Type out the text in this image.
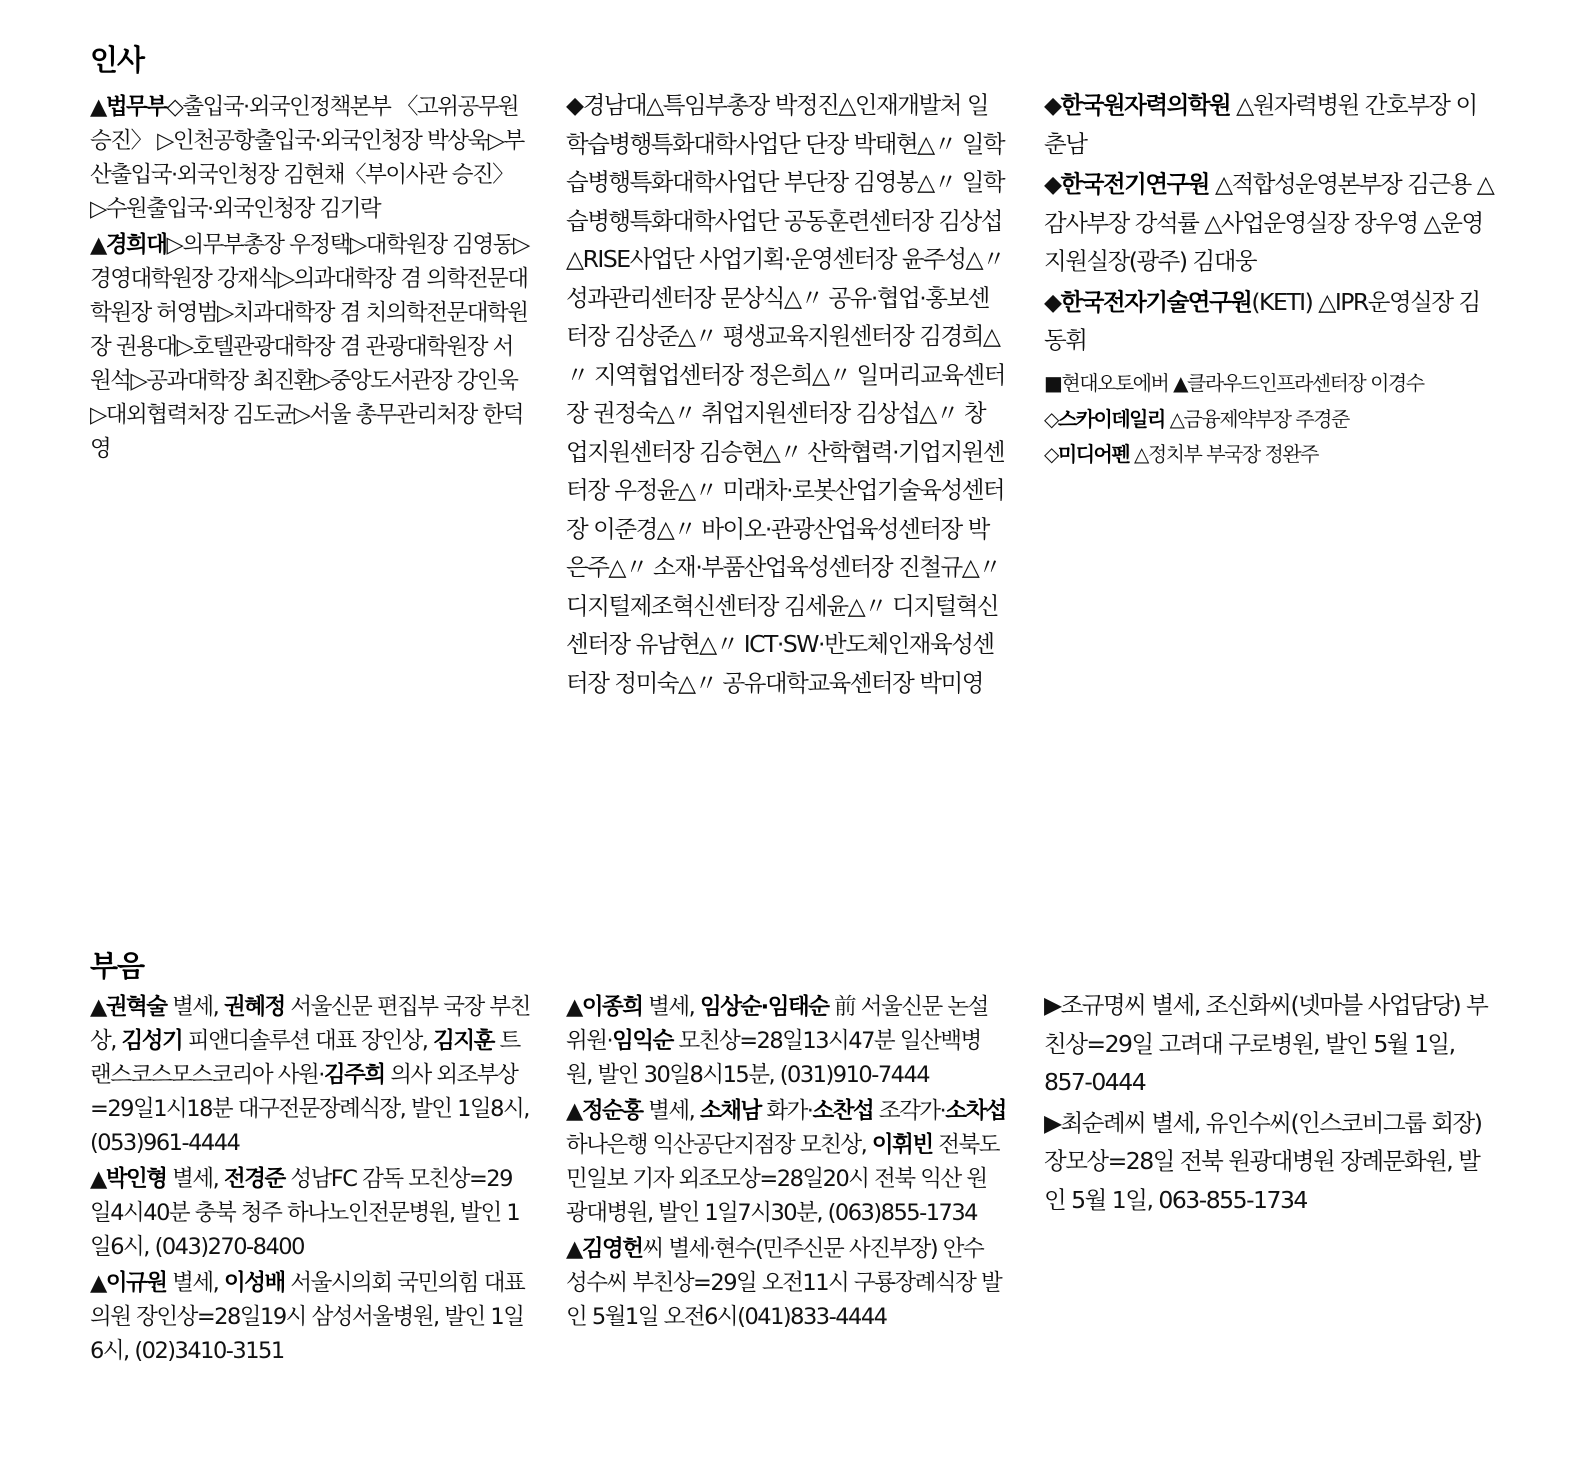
인사

▲법무부◇출입국·외국인정책본부 〈고위공무원 승진〉 ▷인천공항출입국·외국인청장 박상욱▷부산출입국·외국인청장 김현채〈부이사관 승진〉 ▷수원출입국·외국인청장 김기락

▲경희대▷의무부총장 우정택▷대학원장 김영동▷경영대학원장 강재식▷의과대학장 겸 의학전문대학원장 허영범▷치과대학장 겸 치의학전문대학원장 권용대▷호텔관광대학장 겸 관광대학원장 서원석▷공과대학장 최진환▷중앙도서관장 강인욱▷대외협력처장 김도균▷서울 총무관리처장 한덕영

◆경남대△특임부총장 박정진△인재개발처 일학습병행특화대학사업단 단장 박태현△〃 일학습병행특화대학사업단 부단장 김영봉△〃 일학습병행특화대학사업단 공동훈련센터장 김상섭△RISE사업단 사업기획·운영센터장 윤주성△〃 성과관리센터장 문상식△〃 공유·협업·홍보센터장 김상준△〃 평생교육지원센터장 김경희△〃 지역협업센터장 정은희△〃 일머리교육센터장 권정숙△〃 취업지원센터장 김상섭△〃 창업지원센터장 김승현△〃 산학협력·기업지원센터장 우정윤△〃 미래차·로봇산업기술육성센터장 이준경△〃 바이오·관광산업육성센터장 박은주△〃 소재·부품산업육성센터장 진철규△〃 디지털제조혁신센터장 김세윤△〃 디지털혁신센터장 유남현△〃 ICT·SW·반도체인재육성센터장 정미숙△〃 공유대학교육센터장 박미영

◆한국원자력의학원 △원자력병원 간호부장 이춘남

◆한국전기연구원 △적합성운영본부장 김근용 △감사부장 강석률 △사업운영실장 장우영 △운영지원실장(광주) 김대웅

◆한국전자기술연구원(KETI) △IPR운영실장 김동휘

■현대오토에버 ▲클라우드인프라센터장 이경수

◇스카이데일리 △금융제약부장 주경준

◇미디어펜 △정치부 부국장 정완주

부음

▲권혁술 별세, 권혜정 서울신문 편집부 국장 부친상, 김성기 피앤디솔루션 대표 장인상, 김지훈 트랜스코스모스코리아 사원·김주희 의사 외조부상=29일1시18분 대구전문장례식장, 발인 1일8시, (053)961-4444

▲박인형 별세, 전경준 성남FC 감독 모친상=29일4시40분 충북 청주 하나노인전문병원, 발인 1일6시, (043)270-8400

▲이규원 별세, 이성배 서울시의회 국민의힘 대표의원 장인상=28일19시 삼성서울병원, 발인 1일6시, (02)3410-3151

▲이종희 별세, 임상순·임태순 前 서울신문 논설위원·임익순 모친상=28일13시47분 일산백병원, 발인 30일8시15분, (031)910-7444

▲정순홍 별세, 소채남 화가·소찬섭 조각가·소차섭 하나은행 익산공단지점장 모친상, 이휘빈 전북도민일보 기자 외조모상=28일20시 전북 익산 원광대병원, 발인 1일7시30분, (063)855-1734

▲김영헌씨 별세·현수(민주신문 사진부장) 안수 성수씨 부친상=29일 오전11시 구룡장례식장 발인 5월1일 오전6시(041)833-4444

▶조규명씨 별세, 조신화씨(넷마블 사업담당) 부친상=29일 고려대 구로병원, 발인 5월 1일, 857-0444

▶최순례씨 별세, 유인수씨(인스코비그룹 회장) 장모상=28일 전북 원광대병원 장례문화원, 발인 5월 1일, 063-855-1734
